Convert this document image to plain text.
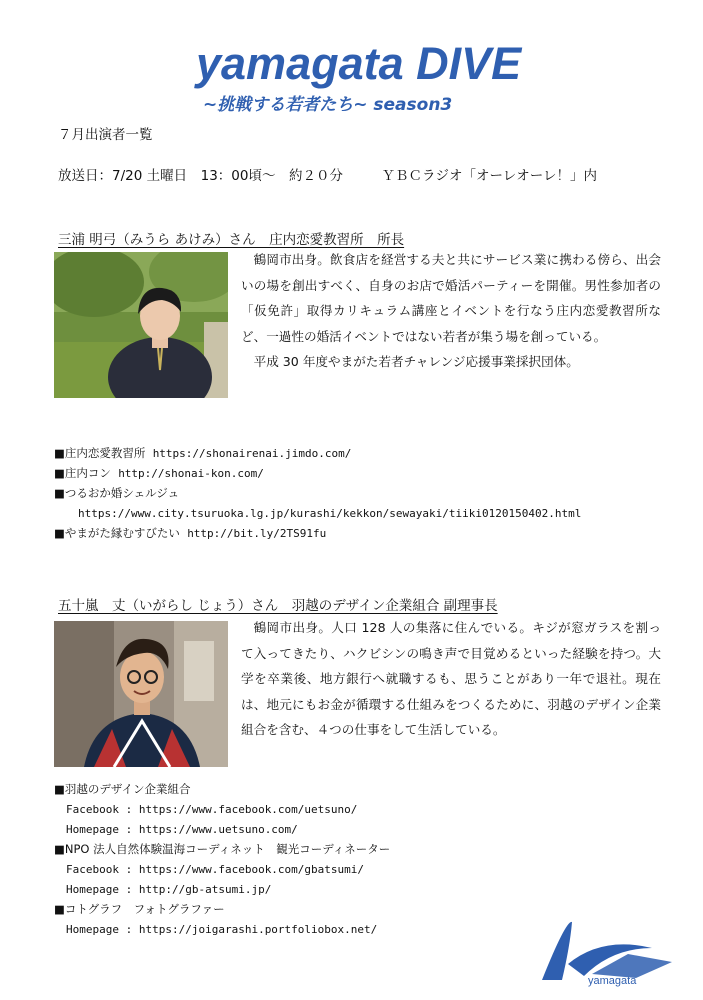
yamagata DIVE
~挑戦する若者たち~ season3
７月出演者一覧
放送日：7/20 土曜日　13：00頃～　約２０分	ＹＢＣラジオ「オーレオーレ！」内
三浦 明弓（みうら あけみ）さん　庄内恋愛教習所　所長

鶴岡市出身。飲食店を経営する夫と共にサービス業に携わる傍ら、出会いの場を創出すべく、自身のお店で婚活パーティーを開催。男性参加者の「仮免許」取得カリキュラム講座とイベントを行なう庄内恋愛教習所など、一過性の婚活イベントではない若者が集う場を創っている。

平成 30 年度やまがた若者チャレンジ応援事業採択団体。

■庄内恋愛教習所 https://shonairenai.jimdo.com/
■庄内コン http://shonai-kon.com/
■つるおか婚シェルジュ
https://www.city.tsuruoka.lg.jp/kurashi/kekkon/sewayaki/tiiki0120150402.html
■やまがた縁むすびたい http://bit.ly/2TS91fu
五十嵐　丈（いがらし じょう）さん　羽越のデザイン企業組合 副理事長

鶴岡市出身。人口 128 人の集落に住んでいる。キジが窓ガラスを割って入ってきたり、ハクビシンの鳴き声で目覚めるといった経験を持つ。大学を卒業後、地方銀行へ就職するも、思うことがあり一年で退社。現在は、地元にもお金が循環する仕組みをつくるために、羽越のデザイン企業組合を含む、４つの仕事をして生活している。

■羽越のデザイン企業組合
Facebook : https://www.facebook.com/uetsuno/
Homepage : https://www.uetsuno.com/
■NPO 法人自然体験温海コーディネット　観光コーディネーター
Facebook : https://www.facebook.com/gbatsumi/
Homepage : http://gb-atsumi.jp/
■コトグラフ　フォトグラファー
Homepage : https://joigarashi.portfoliobox.net/
yamagata
